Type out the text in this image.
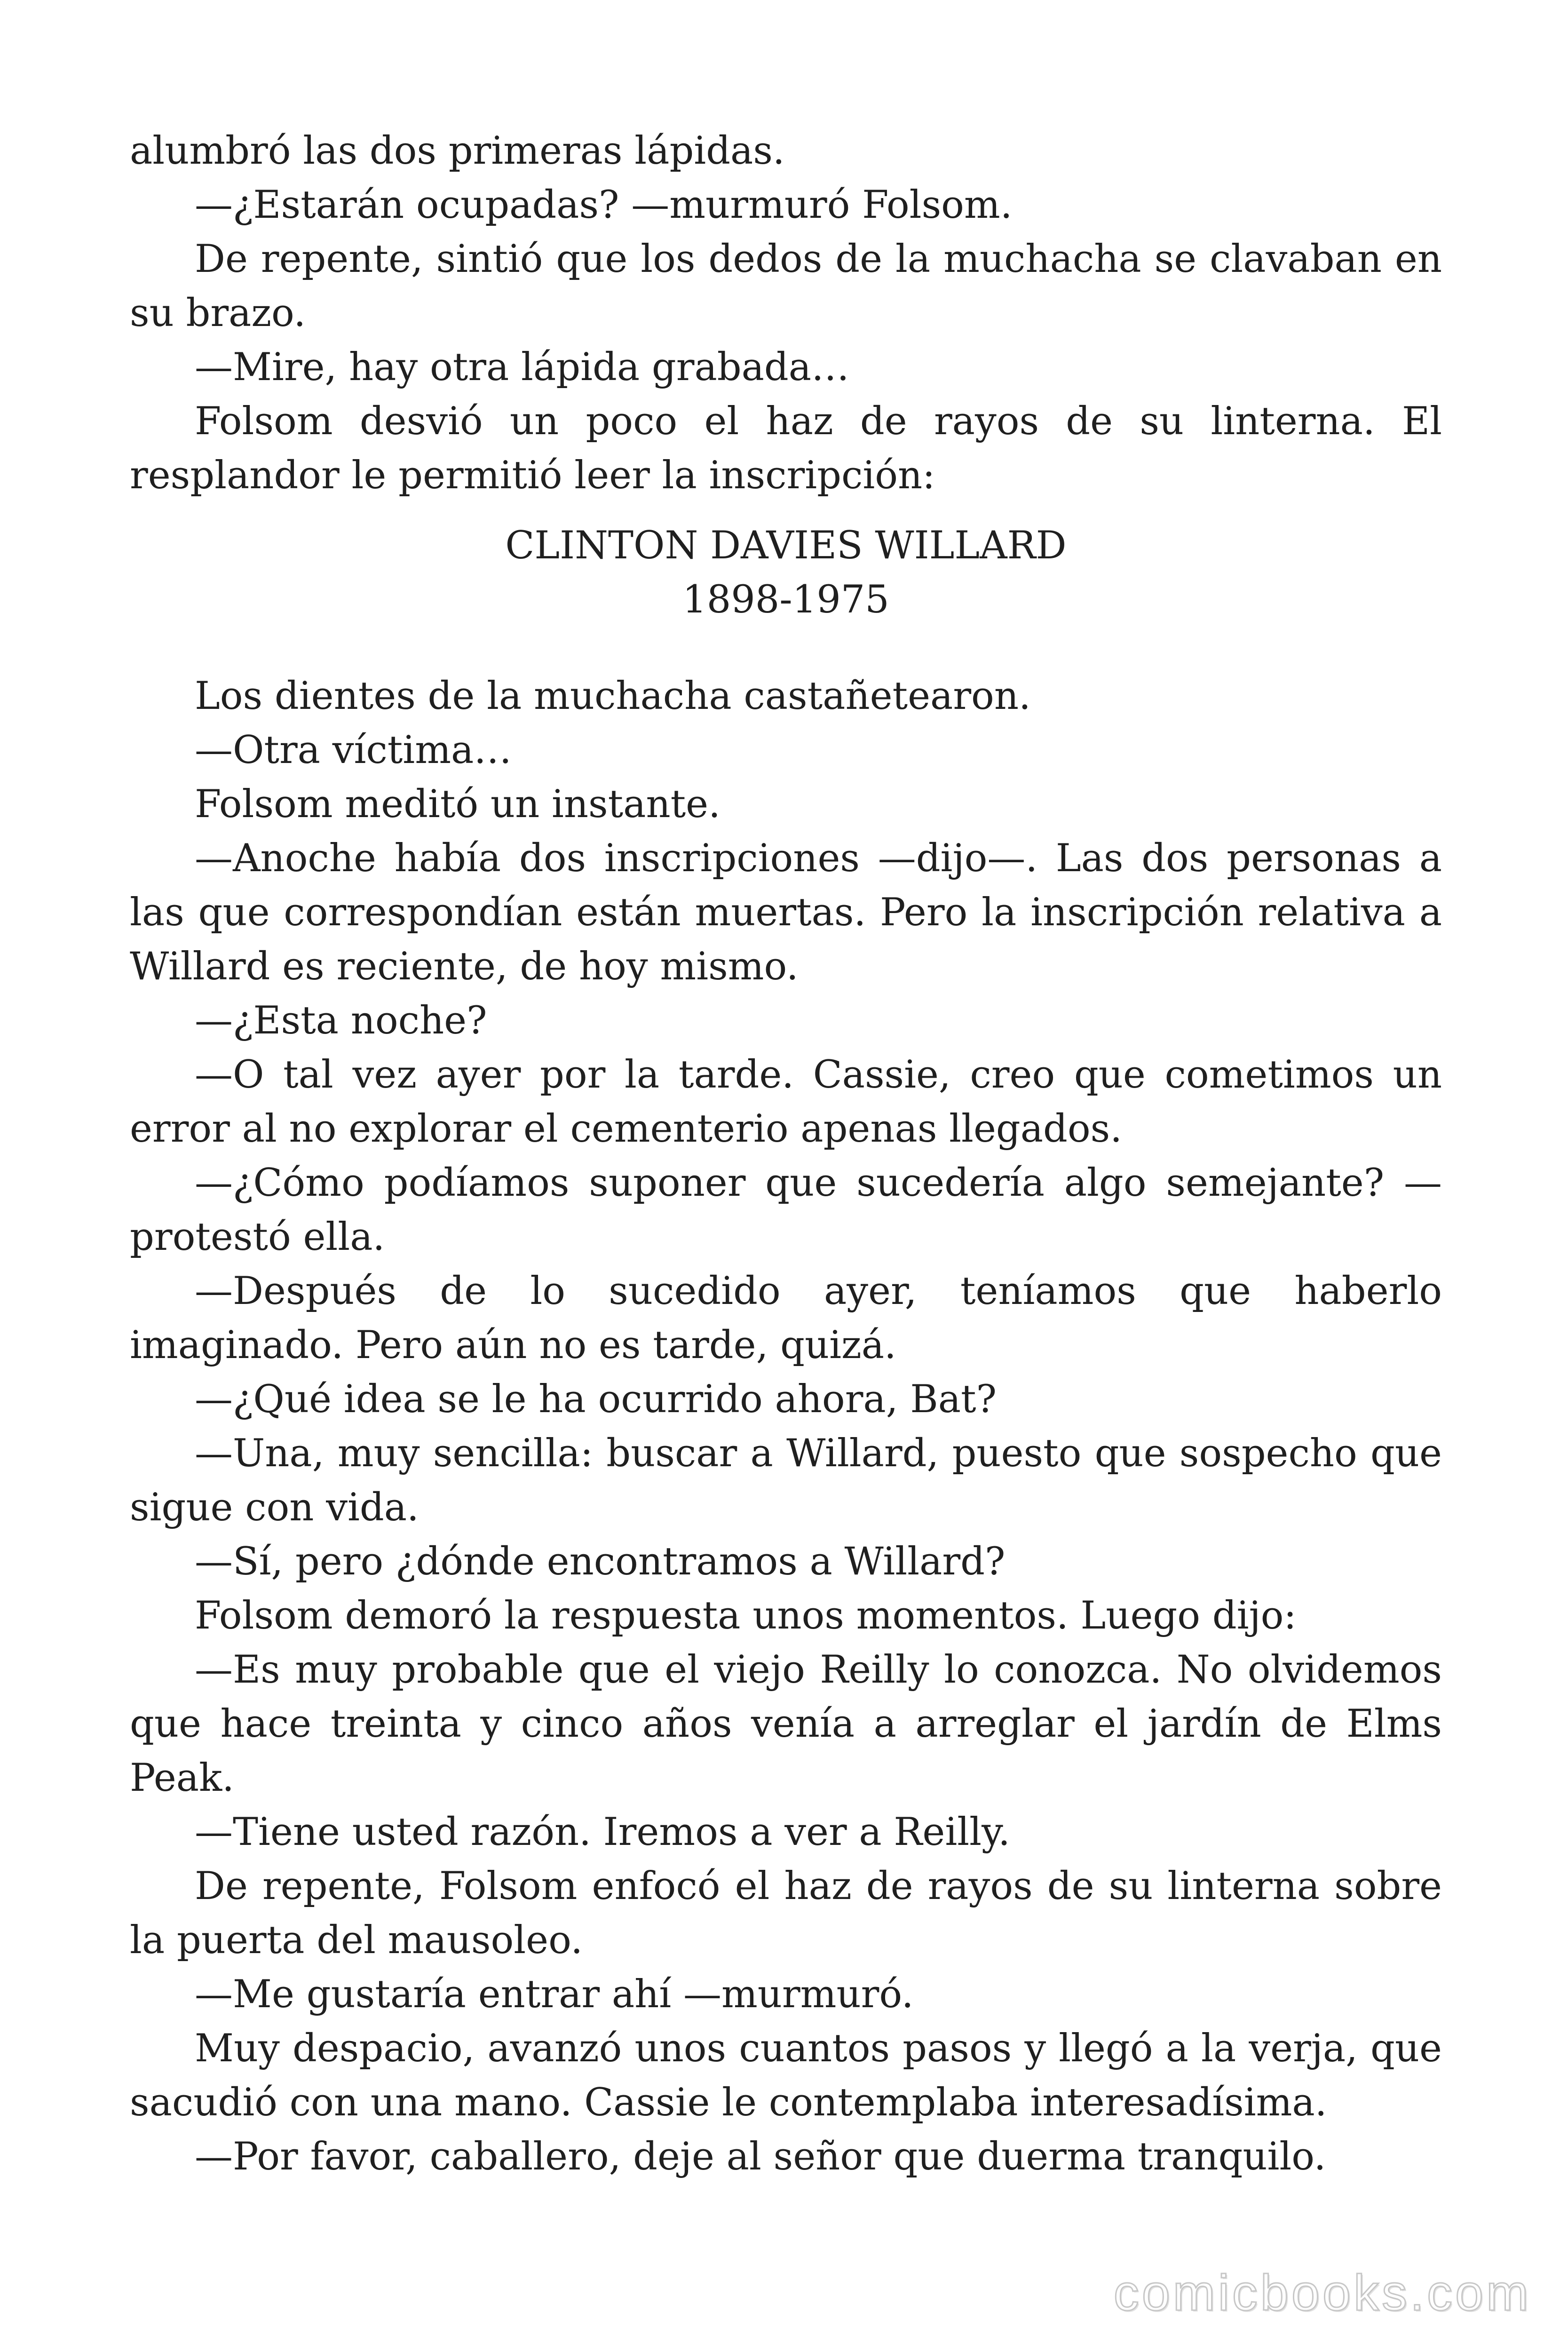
alumbró las dos primeras lápidas.

—¿Estarán ocupadas? —murmuró Folsom.

De repente, sintió que los dedos de la muchacha se clavaban en su brazo.

—Mire, hay otra lápida grabada…

Folsom desvió un poco el haz de rayos de su linterna. El resplandor le permitió leer la inscripción:

CLINTON DAVIES WILLARD
1898-1975

Los dientes de la muchacha castañetearon.

—Otra víctima…

Folsom meditó un instante.

—Anoche había dos inscripciones —dijo—. Las dos personas a las que correspondían están muertas. Pero la inscripción relativa a Willard es reciente, de hoy mismo.

—¿Esta noche?

—O tal vez ayer por la tarde. Cassie, creo que cometimos un error al no explorar el cementerio apenas llegados.

—¿Cómo podíamos suponer que sucedería algo semejante? —protestó ella.

—Después de lo sucedido ayer, teníamos que haberlo imaginado. Pero aún no es tarde, quizá.

—¿Qué idea se le ha ocurrido ahora, Bat?

—Una, muy sencilla: buscar a Willard, puesto que sospecho que sigue con vida.

—Sí, pero ¿dónde encontramos a Willard?

Folsom demoró la respuesta unos momentos. Luego dijo:

—Es muy probable que el viejo Reilly lo conozca. No olvidemos que hace treinta y cinco años venía a arreglar el jardín de Elms Peak.

—Tiene usted razón. Iremos a ver a Reilly.

De repente, Folsom enfocó el haz de rayos de su linterna sobre la puerta del mausoleo.

—Me gustaría entrar ahí —murmuró.

Muy despacio, avanzó unos cuantos pasos y llegó a la verja, que sacudió con una mano. Cassie le contemplaba interesadísima.

—Por favor, caballero, deje al señor que duerma tranquilo.

comicbooks.com
